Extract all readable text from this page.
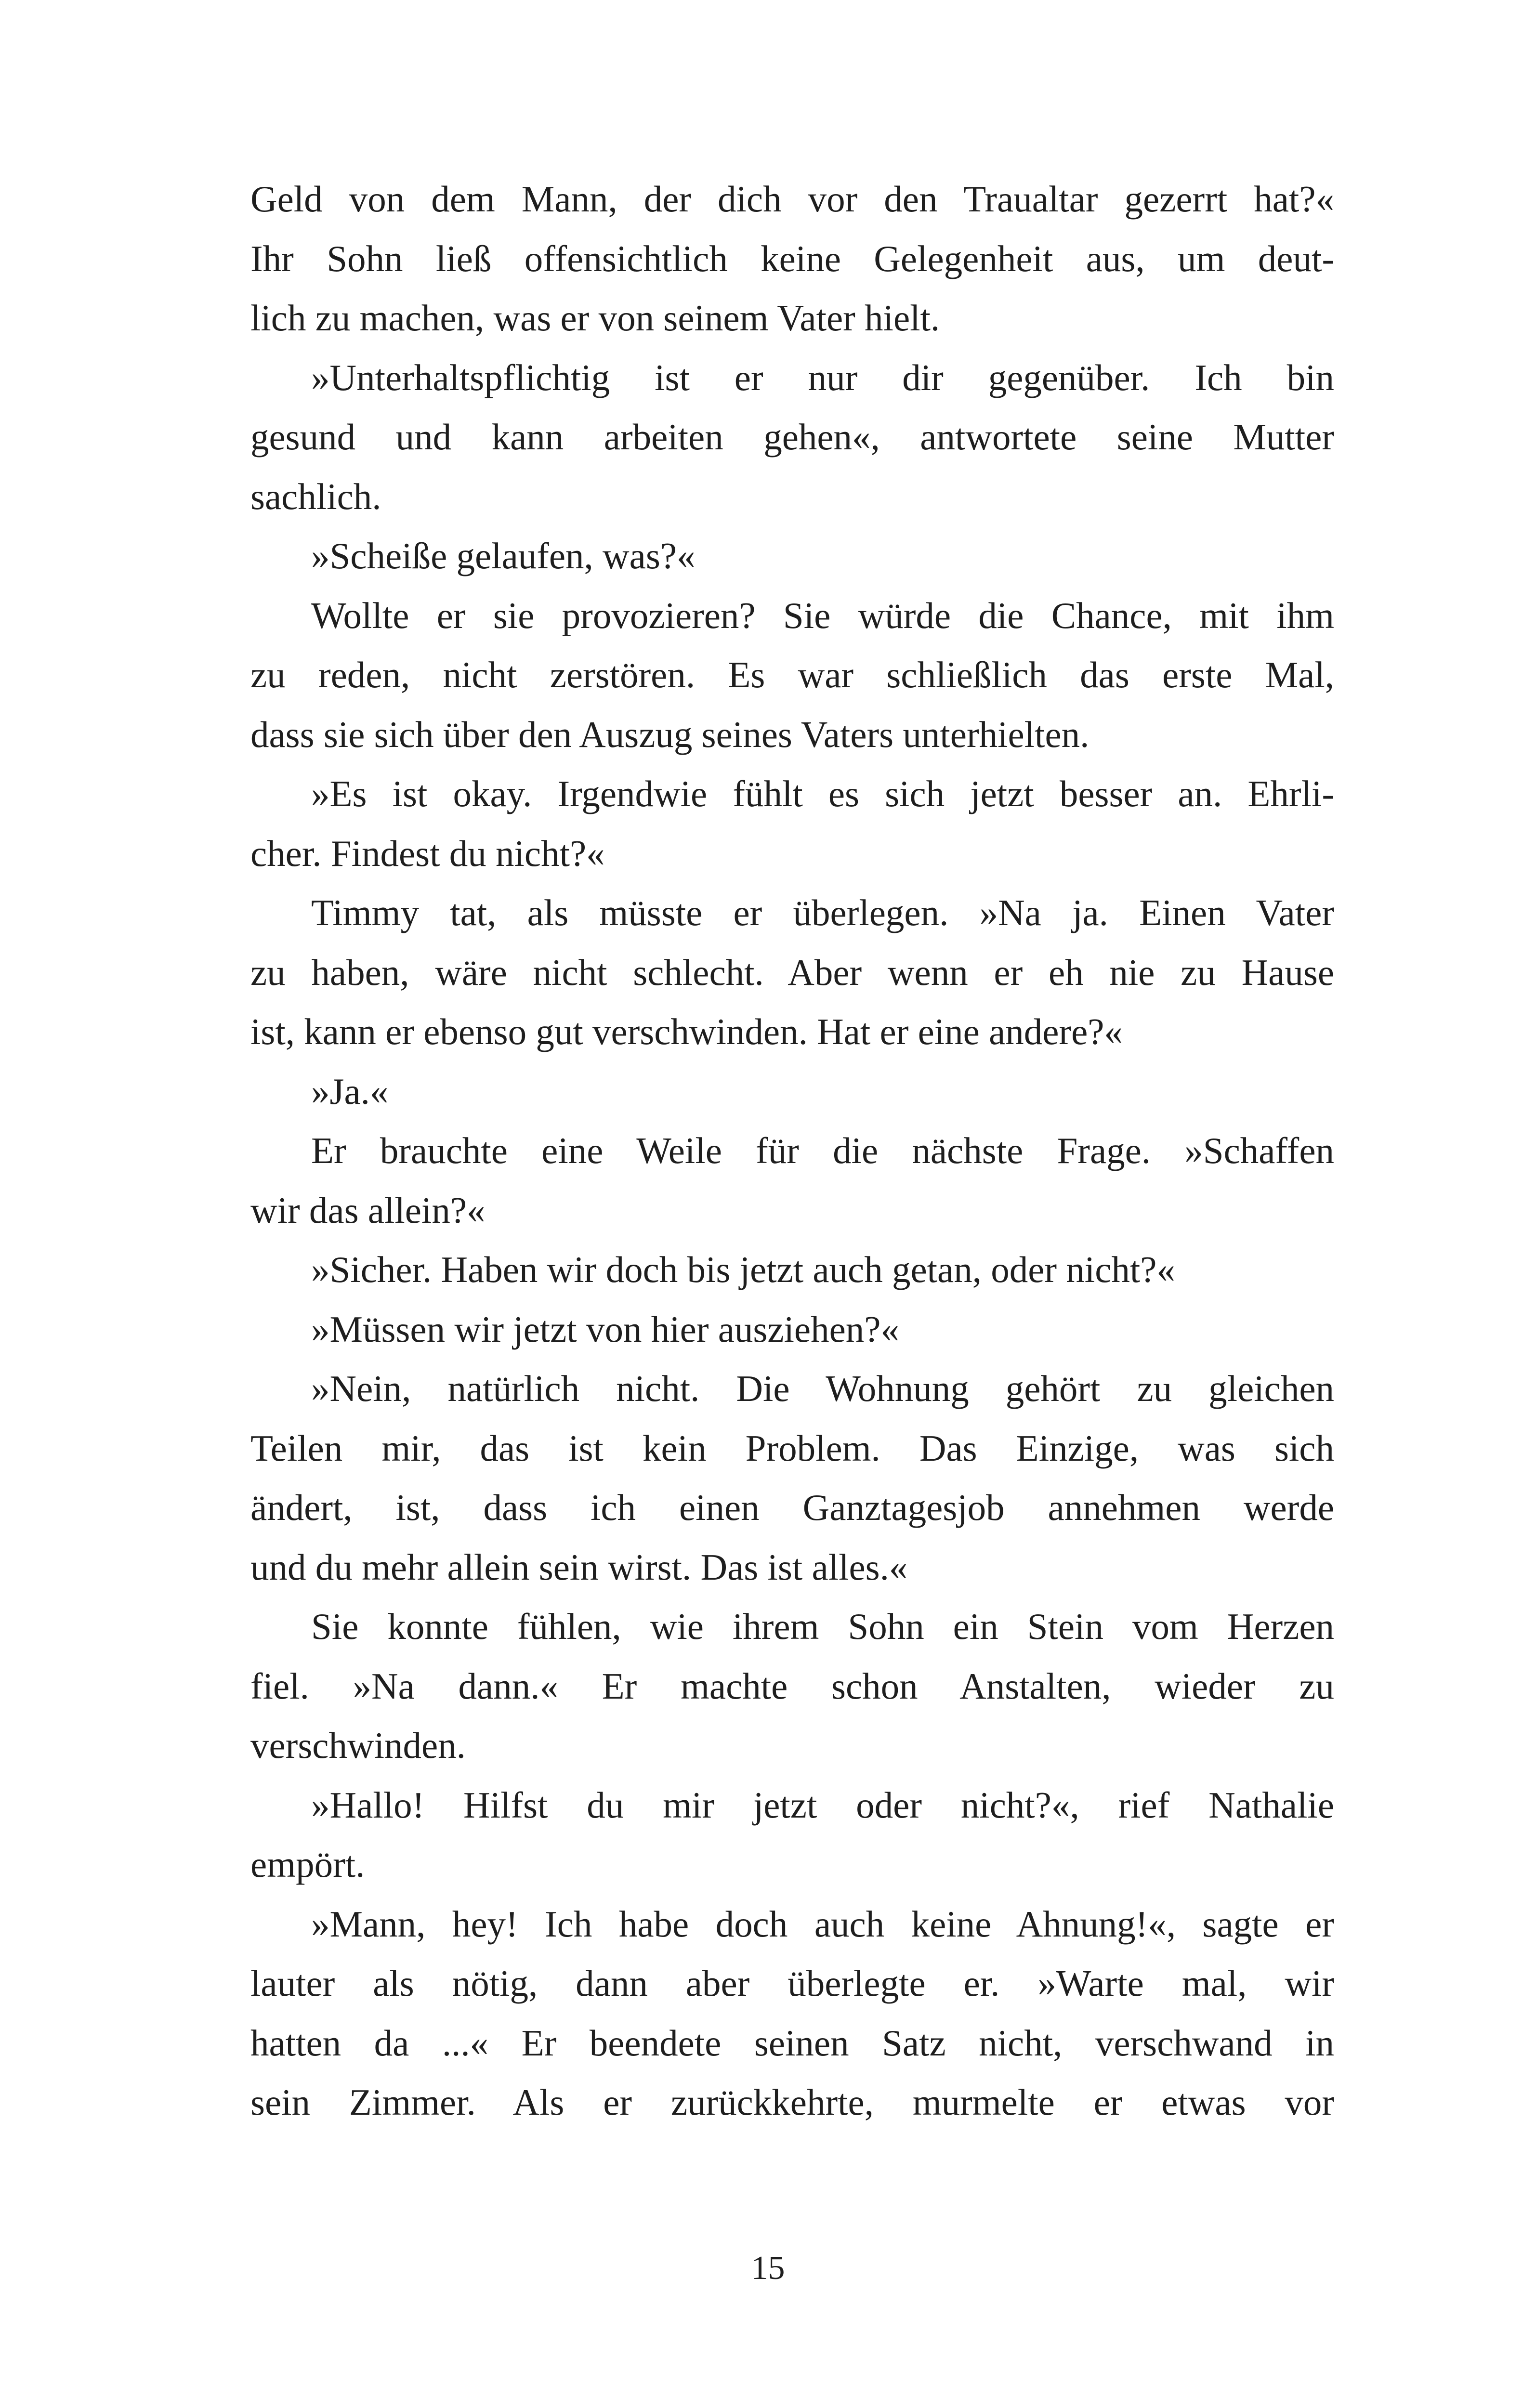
Geld von dem Mann, der dich vor den Traualtar gezerrt hat?«
Ihr Sohn ließ offensichtlich keine Gelegenheit aus, um deut-
lich zu machen, was er von seinem Vater hielt.
»Unterhaltspflichtig ist er nur dir gegenüber. Ich bin
gesund und kann arbeiten gehen«, antwortete seine Mutter
sachlich.
»Scheiße gelaufen, was?«
Wollte er sie provozieren? Sie würde die Chance, mit ihm
zu reden, nicht zerstören. Es war schließlich das erste Mal,
dass sie sich über den Auszug seines Vaters unterhielten.
»Es ist okay. Irgendwie fühlt es sich jetzt besser an. Ehrli-
cher. Findest du nicht?«
Timmy tat, als müsste er überlegen. »Na ja. Einen Vater
zu haben, wäre nicht schlecht. Aber wenn er eh nie zu Hause
ist, kann er ebenso gut verschwinden. Hat er eine andere?«
»Ja.«
Er brauchte eine Weile für die nächste Frage. »Schaffen
wir das allein?«
»Sicher. Haben wir doch bis jetzt auch getan, oder nicht?«
»Müssen wir jetzt von hier ausziehen?«
»Nein, natürlich nicht. Die Wohnung gehört zu gleichen
Teilen mir, das ist kein Problem. Das Einzige, was sich
ändert, ist, dass ich einen Ganztagesjob annehmen werde
und du mehr allein sein wirst. Das ist alles.«
Sie konnte fühlen, wie ihrem Sohn ein Stein vom Herzen
fiel. »Na dann.« Er machte schon Anstalten, wieder zu
verschwinden.
»Hallo! Hilfst du mir jetzt oder nicht?«, rief Nathalie
empört.
»Mann, hey! Ich habe doch auch keine Ahnung!«, sagte er
lauter als nötig, dann aber überlegte er. »Warte mal, wir
hatten da ...« Er beendete seinen Satz nicht, verschwand in
sein Zimmer. Als er zurückkehrte, murmelte er etwas vor
15
